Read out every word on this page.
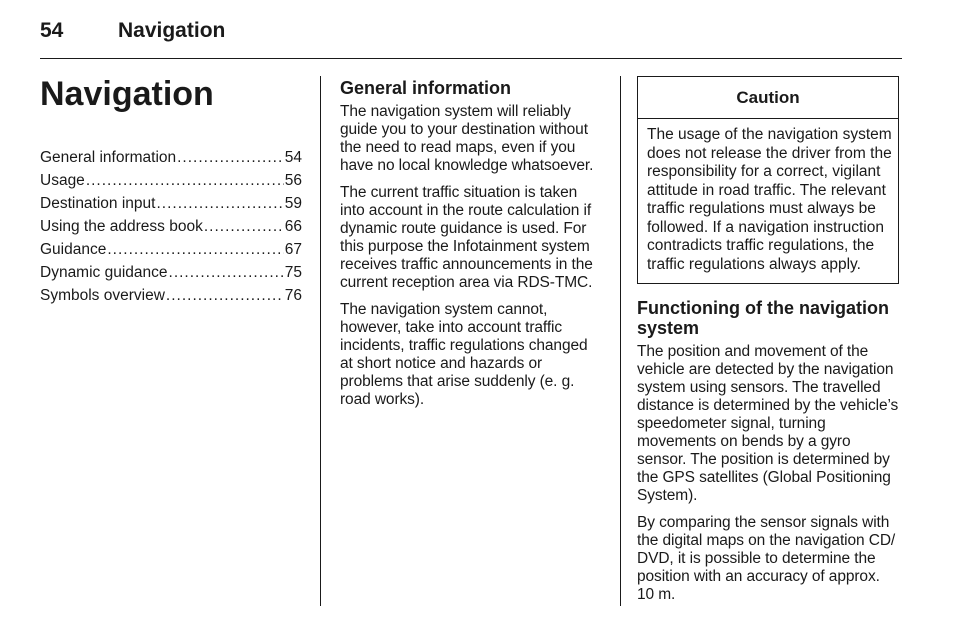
54	Navigation
Navigation
General information .....	54
Usage .....	56
Destination input .....	59
Using the address book .....	66
Guidance .....	67
Dynamic guidance .....	75
Symbols overview .....	76
General information

The navigation system will reliably guide you to your destination without the need to read maps, even if you have no local knowledge whatsoever.

The current traffic situation is taken into account in the route calculation if dynamic route guidance is used. For this purpose the Infotainment system receives traffic announcements in the current reception area via RDS-TMC.

The navigation system cannot, however, take into account traffic incidents, traffic regulations changed at short notice and hazards or problems that arise suddenly (e. g. road works).

Caution
The usage of the navigation system does not release the driver from the responsibility for a correct, vigilant attitude in road traffic. The relevant traffic regulations must always be followed. If a navigation instruction contradicts traffic regulations, the traffic regulations always apply.
Functioning of the navigation system

The position and movement of the vehicle are detected by the navigation system using sensors. The travelled distance is determined by the vehicle’s speedometer signal, turning movements on bends by a gyro sensor. The position is determined by the GPS satellites (Global Positioning System).

By comparing the sensor signals with the digital maps on the navigation CD/ DVD, it is possible to determine the position with an accuracy of approx. 10 m.
